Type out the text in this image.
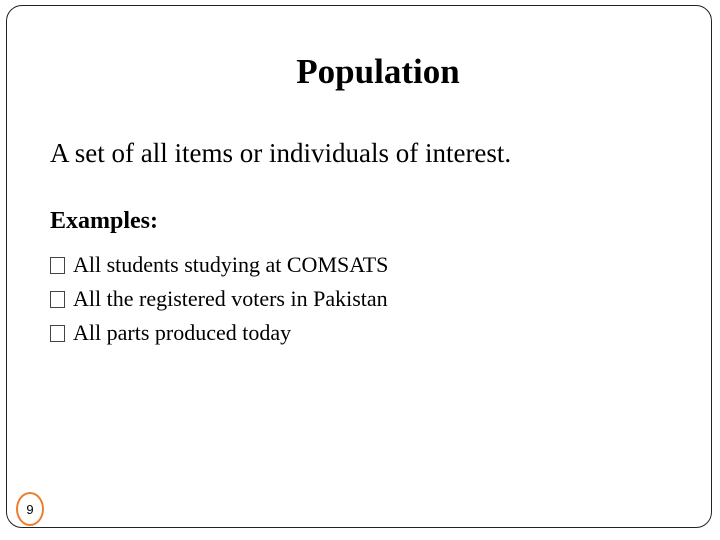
Population
A set of all items or individuals of interest.
Examples:
All students studying at COMSATS
All the registered voters in Pakistan
All parts produced today
9
